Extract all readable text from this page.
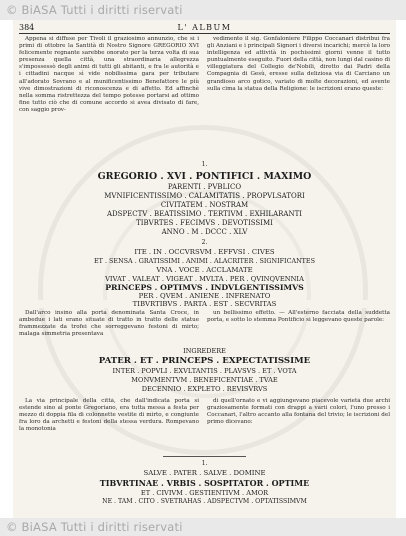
© BiASA Tutti i diritti riservati
384	L' ALBUM

Appena si diffuse per Tivoli il graziosimo annunzio, che sì i primi di ottobre la Santità di Nostro Signore GREGORIO XVI felicemente regnante sarebbe onorato per la terza volta di sua presenza quella città, una straordinaria allegrezza s'impossessò degli animi di tutti gli abitanti, e fra le autorità e i cittadini nacque sì vide nobilissima gara per tributare all'adorato Sovrano e al munificentissimo Benefattore le più vive dimostrazioni di riconoscenza e di affetto. Ed affinchè nella somma ristrettezza del tempo potesse portarsi ad ottimo fine tutto ciò che di comune accordo si avea divisato di fare, con saggio prov-

vedimento il sig. Gonfaloniere Filippo Coccanari distribuì fra gli Anziani e i principali Signori i diversi incarichi; mercè la loro intelligenza ed attività in pochissimi giorni venne il tutto puntualmente eseguito. Fuori della città, non lungi dal casino di villeggiatura del Collegio de'Nobili, diretto dai Padri della Compagnia di Gesù, eresse sulla deliziosa via di Carciano un grandioso arco gotico, variato di molte decorazioni, ed avente sulla cima la statua della Religione: le iscrizioni erano queste:

1.
GREGORIO . XVI . PONTIFICI . MAXIMO
PARENTI . PVBLICO
MVNIFICENTISSIMO . CALAMITATIS . PROPVLSATORI
CIVITATEM . NOSTRAM
ADSPECTV . BEATISSIMO . TERTIVM . EXHILARANTI
TIBVRTES . FECIMVS . DEVOTISSIMI
ANNO . M . DCCC . XLV
2.
ITE . IN . OCCVRSVM . EFFVSI . CIVES
ET . SENSA . GRATISSIMI . ANIMI . ALACRITER . SIGNIFICANTES
VNA . VOCE . ACCLAMATE
VIVAT . VALEAT . VIGEAT . MVLTA . PER . QVINQVENNIA
PRINCEPS . OPTIMVS . INDVLGENTISSIMVS
PER . QVEM . ANIENE . INFRENATO
TIBVRTIBVS . PARTA . EST . SECVRITAS

Dall'arco insino alla porta denominata Santa Croce, in ambedue i lati erano situate di tratto in tratto delle statue frammezzate da trofei che sorreggevano festoni di mirto; malaga simmetria presentava

un bellissimo effetto. — All'esterno facciata della suddetta porta, e sotto lo stemma Pontificio si leggevano queste parole:

INGREDERE
PATER . ET . PRINCEPS . EXPECTATISSIME
INTER . POPVLI . EXVLTANTIS . PLAVSVS . ET . VOTA
MONVMENTVM . BENEFICENTIAE . TVAE
DECENNIO . EXPLETO . REVISVRVS

La via principale della città, che dall'indicata porta si estende sino al ponte Gregoriano, era tutta messa a festa per mezzo di doppia fila di colonnette vestite di mirto, e congiunte fra loro da archetti e festoni della stessa verdura. Rompevano la monotonia

di quell'ornato e vi aggiungevano piacevole varietà due archi graziosamente formati con drappi a varii colori, l'uno presso i Coccanari, l'altro accanto alla fontana del trivio; le iscrizioni del primo dicevano:

1.
SALVE . PATER . SALVE . DOMINE
TIBVRTINAE . VRBIS . SOSPITATOR . OPTIME
ET . CIVIVM . GESTIENTIVM . AMOR
NE . TAM . CITO . SVETRAHAS . ADSPECTVM . OPTATISSIMVM
© BiASA Tutti i diritti riservati
